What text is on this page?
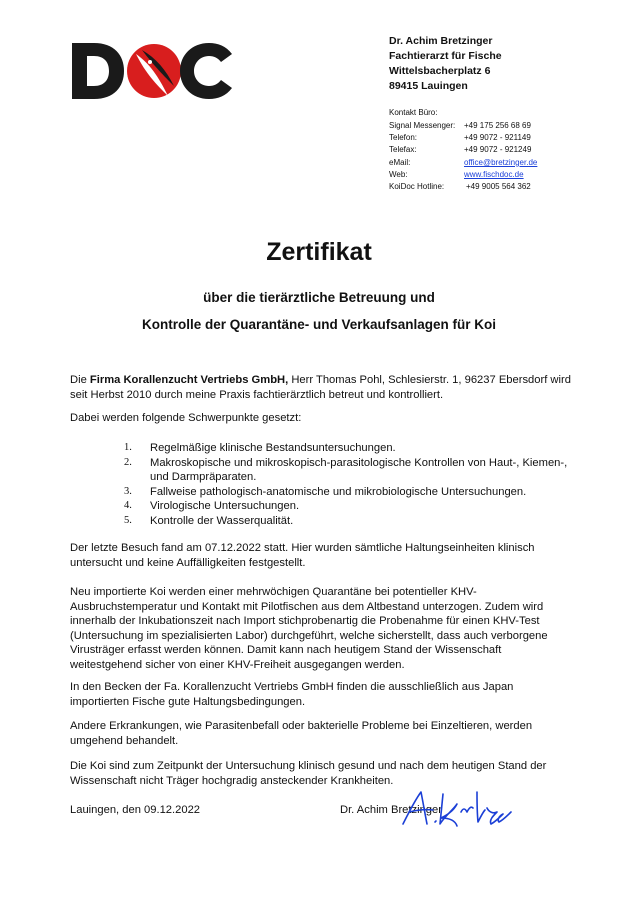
Dr. Achim Bretzinger
Fachtierarzt für Fische
Wittelsbacherplatz 6
89415 Lauingen
Kontakt Büro:
Signal Messenger:	+49 175 256 68 69
Telefon:	+49 9072 - 921149
Telefax:	+49 9072 - 921249
eMail:	office@bretzinger.de
Web:	www.fischdoc.de
KoiDoc Hotline:	+49 9005 564 362
Zertifikat
über die tierärztliche Betreuung und
Kontrolle der Quarantäne- und Verkaufsanlagen für Koi
Die Firma Korallenzucht Vertriebs GmbH, Herr Thomas Pohl, Schlesierstr. 1, 96237 Ebersdorf wird seit Herbst 2010 durch meine Praxis fachtierärztlich betreut und kontrolliert.
Dabei werden folgende Schwerpunkte gesetzt:
1.	Regelmäßige klinische Bestandsuntersuchungen.
2.	Makroskopische und mikroskopisch-parasitologische Kontrollen von Haut-, Kiemen-, und Darmpräparaten.
3.	Fallweise pathologisch-anatomische und mikrobiologische Untersuchungen.
4.	Virologische Untersuchungen.
5.	Kontrolle der Wasserqualität.
Der letzte Besuch fand am 07.12.2022 statt. Hier wurden sämtliche Haltungseinheiten klinisch untersucht und keine Auffälligkeiten festgestellt.
Neu importierte Koi werden einer mehrwöchigen Quarantäne bei potentieller KHV-Ausbruchstemperatur und Kontakt mit Pilotfischen aus dem Altbestand unterzogen. Zudem wird innerhalb der Inkubationszeit nach Import stichprobenartig die Probenahme für einen KHV-Test (Untersuchung im spezialisierten Labor) durchgeführt, welche sicherstellt, dass auch verborgene Virusträger erfasst werden können. Damit kann nach heutigem Stand der Wissenschaft weitestgehend sicher von einer KHV-Freiheit ausgegangen werden.
In den Becken der Fa. Korallenzucht Vertriebs GmbH finden die ausschließlich aus Japan importierten Fische gute Haltungsbedingungen.
Andere Erkrankungen, wie Parasitenbefall oder bakterielle Probleme bei Einzeltieren, werden umgehend behandelt.
Die Koi sind zum Zeitpunkt der Untersuchung klinisch gesund und nach dem heutigen Stand der Wissenschaft nicht Träger hochgradig ansteckender Krankheiten.
Lauingen, den 09.12.2022	Dr. Achim Bretzinger
